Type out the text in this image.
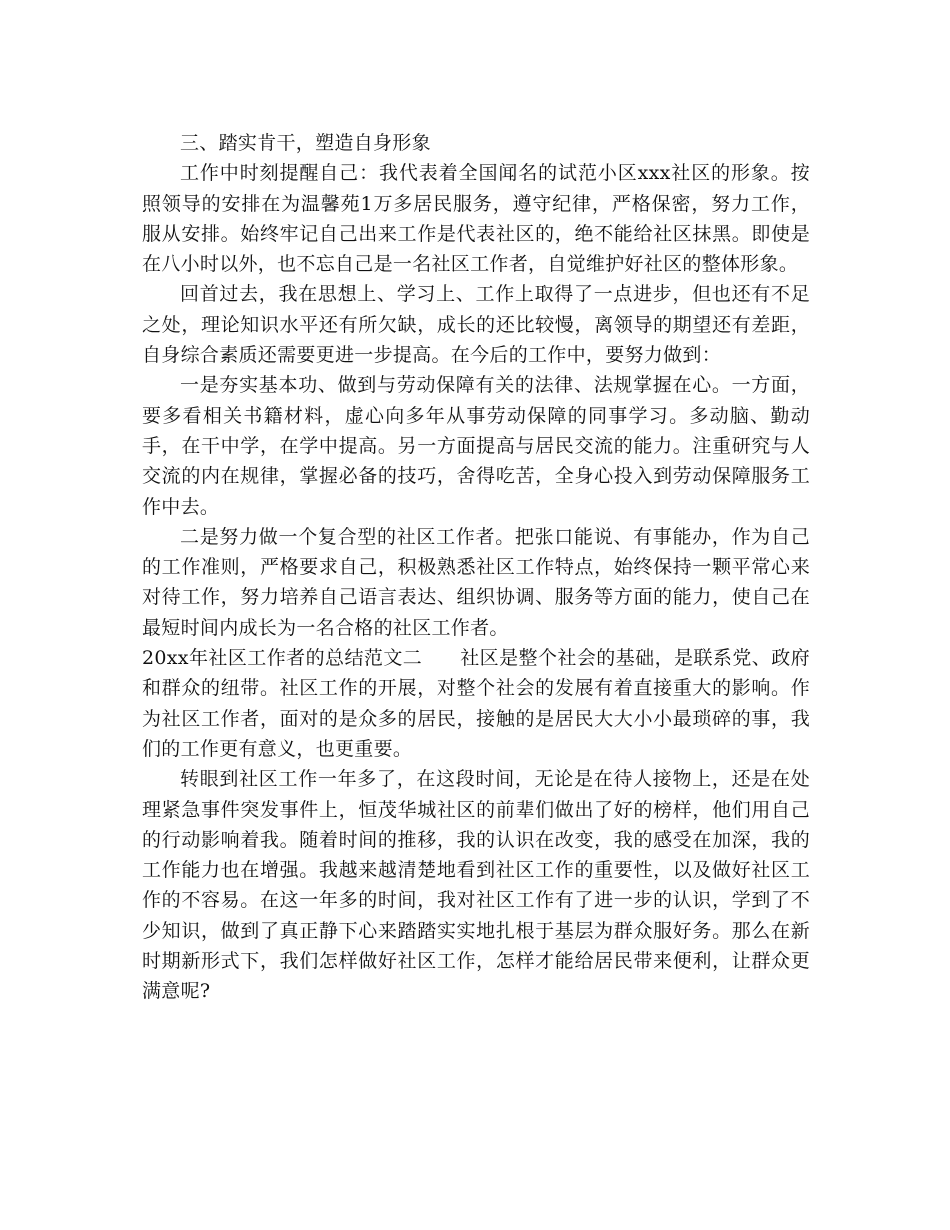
三、踏实肯干，塑造自身形象

工作中时刻提醒自己：我代表着全国闻名的试范小区xxx社区的形象。按照领导的安排在为温馨苑1万多居民服务，遵守纪律，严格保密，努力工作，服从安排。始终牢记自己出来工作是代表社区的，绝不能给社区抹黑。即使是在八小时以外，也不忘自己是一名社区工作者，自觉维护好社区的整体形象。

回首过去，我在思想上、学习上、工作上取得了一点进步，但也还有不足之处，理论知识水平还有所欠缺，成长的还比较慢，离领导的期望还有差距，自身综合素质还需要更进一步提高。在今后的工作中，要努力做到：

一是夯实基本功、做到与劳动保障有关的法律、法规掌握在心。一方面，要多看相关书籍材料，虚心向多年从事劳动保障的同事学习。多动脑、勤动手，在干中学，在学中提高。另一方面提高与居民交流的能力。注重研究与人交流的内在规律，掌握必备的技巧，舍得吃苦，全身心投入到劳动保障服务工作中去。

二是努力做一个复合型的社区工作者。把张口能说、有事能办，作为自己的工作准则，严格要求自己，积极熟悉社区工作特点，始终保持一颗平常心来对待工作，努力培养自己语言表达、组织协调、服务等方面的能力，使自己在最短时间内成长为一名合格的社区工作者。

20xx年社区工作者的总结范文二 社区是整个社会的基础，是联系党、政府和群众的纽带。社区工作的开展，对整个社会的发展有着直接重大的影响。作为社区工作者，面对的是众多的居民，接触的是居民大大小小最琐碎的事，我们的工作更有意义，也更重要。

转眼到社区工作一年多了，在这段时间，无论是在待人接物上，还是在处理紧急事件突发事件上，恒茂华城社区的前辈们做出了好的榜样，他们用自己的行动影响着我。随着时间的推移，我的认识在改变，我的感受在加深，我的工作能力也在增强。我越来越清楚地看到社区工作的重要性，以及做好社区工作的不容易。在这一年多的时间，我对社区工作有了进一步的认识，学到了不少知识，做到了真正静下心来踏踏实实地扎根于基层为群众服好务。那么在新时期新形式下，我们怎样做好社区工作，怎样才能给居民带来便利，让群众更满意呢?
